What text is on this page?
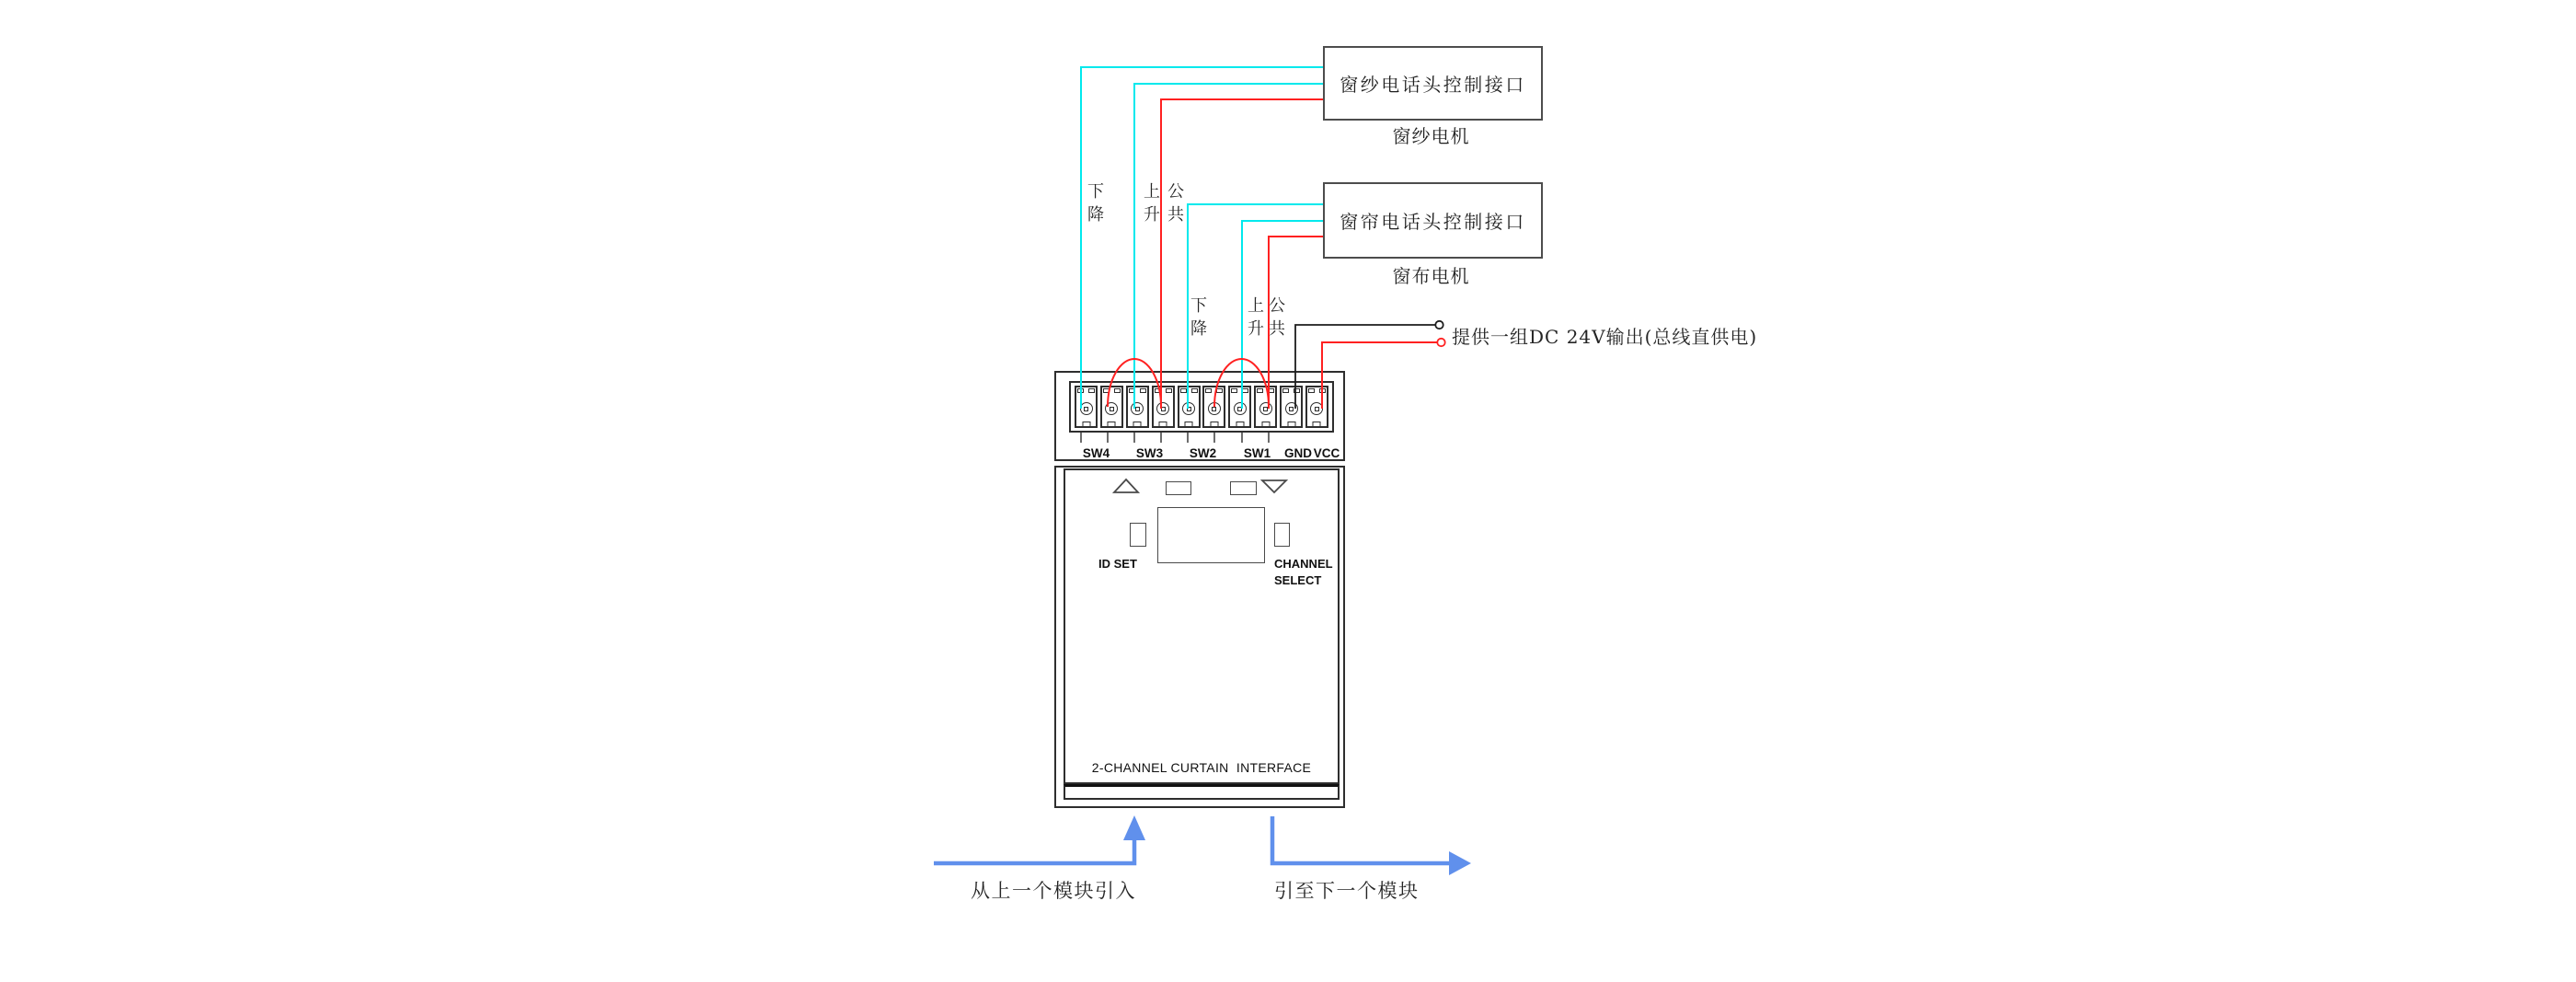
窗纱电话头控制接口
窗纱电机
窗帘电话头控制接口
窗布电机
提供一组DC 24V输出(总线直供电)
下降
上升
公共
下降
上升
公共
SW4 SW3 SW2 SW1 GND VCC
ID SET	CHANNEL
SELECT
2-CHANNEL CURTAIN  INTERFACE
从上一个模块引入	引至下一个模块
